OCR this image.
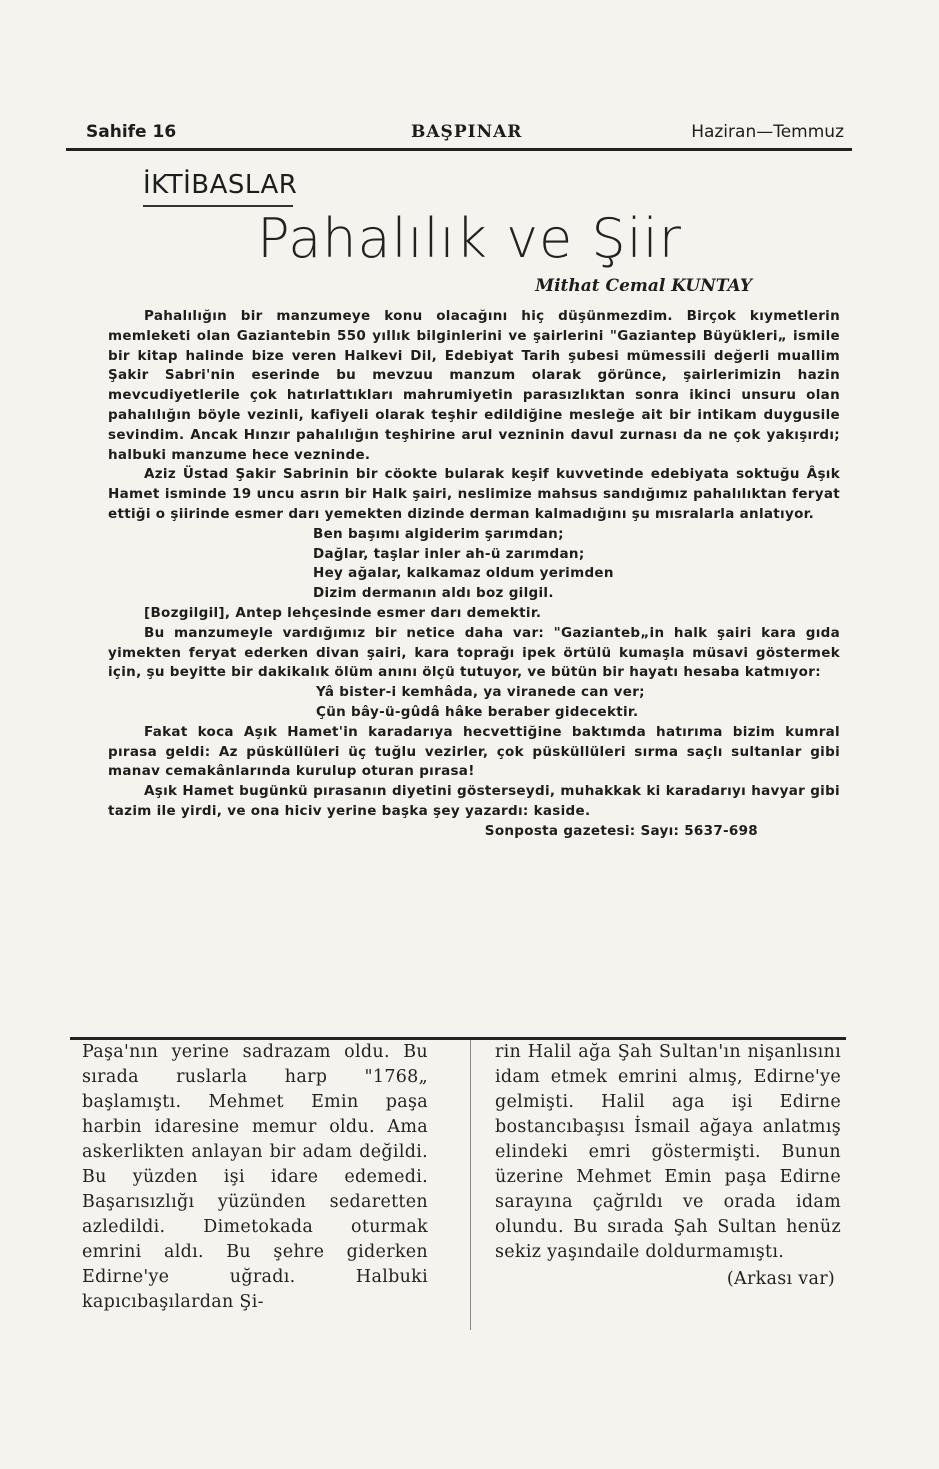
Sahife 16	BAŞPINAR	Haziran—Temmuz
İKTİBASLAR
Pahalılık ve Şiir
Mithat Cemal KUNTAY

Pahalılığın bir manzumeye konu olacağını hiç düşünmezdim. Birçok kıymetlerin memleketi olan Gaziantebin 550 yıllık bilginlerini ve şairlerini "Gaziantep Büyükleri„ ismile bir kitap halinde bize veren Halkevi Dil, Edebiyat Tarih şubesi mümessili değerli muallim Şakir Sabri'nin eserinde bu mevzuu manzum olarak görünce, şairlerimizin hazin mevcudiyetlerile çok hatırlattıkları mahrumiyetin parasızlıktan sonra ikinci unsuru olan pahalılığın böyle vezinli, kafiyeli olarak teşhir edildiğine mesleğe ait bir intikam duygusile sevindim. Ancak Hınzır pahalılığın teşhirine arul vezninin davul zurnası da ne çok yakışırdı; halbuki manzume hece vezninde.

Aziz Üstad Şakir Sabrinin bir cöokte bularak keşif kuvvetinde edebiyata soktuğu Âşık Hamet isminde 19 uncu asrın bir Halk şairi, neslimize mahsus sandığımız pahalılıktan feryat ettiği o şiirinde esmer darı yemekten dizinde derman kalmadığını şu mısralarla anlatıyor.

Ben başımı algiderim şarımdan;
Dağlar, taşlar inler ah-ü zarımdan;
Hey ağalar, kalkamaz oldum yerimden
Dizim dermanın aldı boz gilgil.

[Bozgilgil], Antep lehçesinde esmer darı demektir.

Bu manzumeyle vardığımız bir netice daha var: "Gazianteb„in halk şairi kara gıda yimekten feryat ederken divan şairi, kara toprağı ipek örtülü kumaşla müsavi göstermek için, şu beyitte bir dakikalık ölüm anını ölçü tutuyor, ve bütün bir hayatı hesaba katmıyor:

Yâ bister-i kemhâda, ya viranede can ver;
Çün bây-ü-gûdâ hâke beraber gidecektir.

Fakat koca Aşık Hamet'in karadarıya hecvettiğine baktımda hatırıma bizim kumral pırasa geldi: Az püsküllüleri üç tuğlu vezirler, çok püsküllüleri sırma saçlı sultanlar gibi manav cemakânlarında kurulup oturan pırasa!

Aşık Hamet bugünkü pırasanın diyetini gösterseydi, muhakkak ki karadarıyı havyar gibi tazim ile yirdi, ve ona hiciv yerine başka şey yazardı: kaside.

Sonposta gazetesi: Sayı: 5637-698

Paşa'nın yerine sadrazam oldu. Bu sırada ruslarla harp "1768„ başlamıştı. Mehmet Emin paşa harbin idaresine memur oldu. Ama askerlikten anlayan bir adam değildi. Bu yüzden işi idare edemedi. Başarısızlığı yüzünden sedaretten azledildi. Dimetokada oturmak emrini aldı. Bu şehre giderken Edirne'ye uğradı. Halbuki kapıcıbaşılardan Şi-

rin Halil ağa Şah Sultan'ın nişanlısını idam etmek emrini almış, Edirne'ye gelmişti. Halil aga işi Edirne bostancıbaşısı İsmail ağaya anlatmış elindeki emri göstermişti. Bunun üzerine Mehmet Emin paşa Edirne sarayına çağrıldı ve orada idam olundu. Bu sırada Şah Sultan henüz sekiz yaşındaile doldurmamıştı.

(Arkası var)
